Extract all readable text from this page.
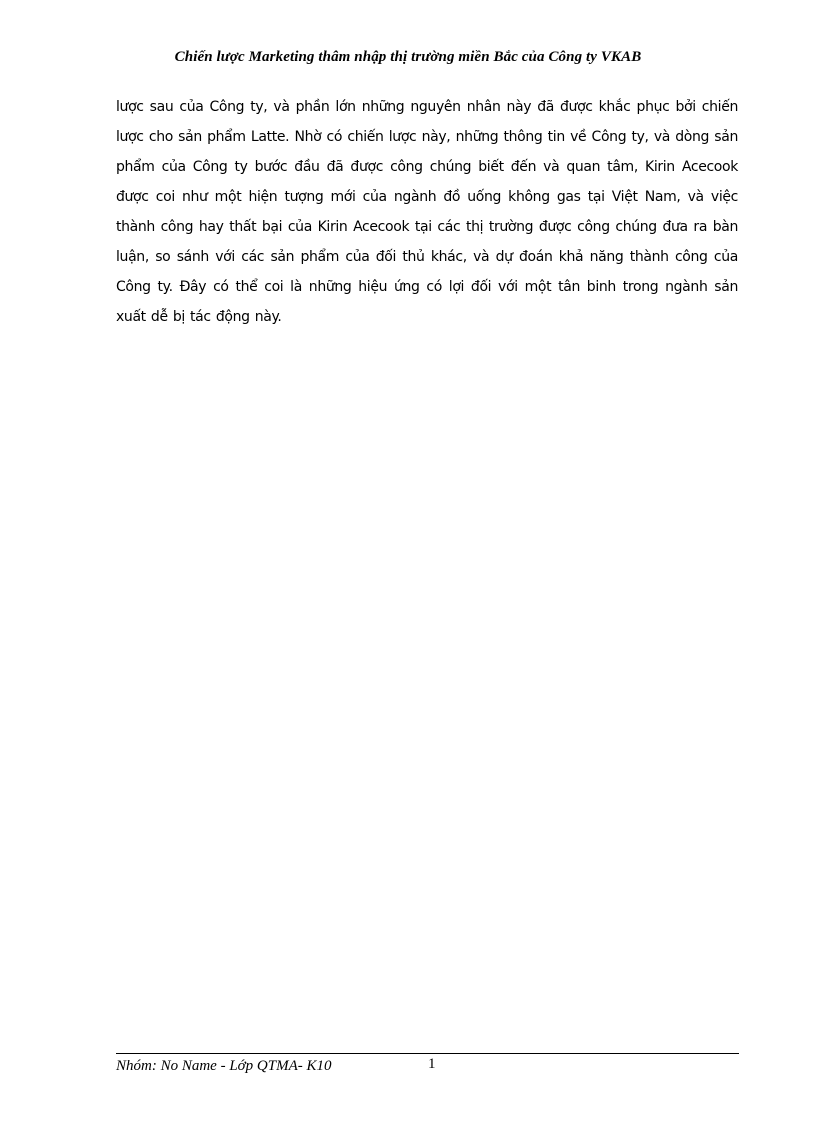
Chiến lược Marketing thâm nhập thị trường miền Bắc của Công ty VKAB

lược sau của Công ty, và phần lớn những nguyên nhân này đã được khắc phục bởi chiến lược cho sản phẩm Latte. Nhờ có chiến lược này, những thông tin về Công ty, và dòng sản phẩm của Công ty bước đầu đã được công chúng biết đến và quan tâm, Kirin Acecook được coi như một hiện tượng mới của ngành đồ uống không gas tại Việt Nam, và việc thành công hay thất bại của Kirin Acecook tại các thị trường được công chúng đưa ra bàn luận, so sánh với các sản phẩm của đối thủ khác, và dự đoán khả năng thành công của Công ty. Đây có thể coi là những hiệu ứng có lợi đối với một tân binh trong ngành sản xuất dễ bị tác động này.

Nhóm: No Name - Lớp QTMA- K10	1
